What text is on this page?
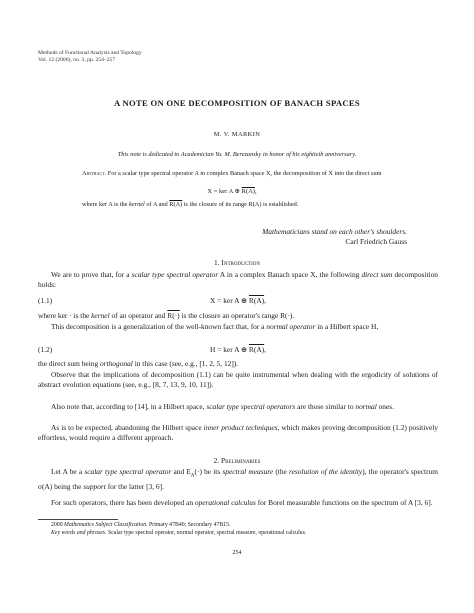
Methods of Functional Analysis and Topology
Vol. 12 (2006), no. 3, pp. 254–257
A NOTE ON ONE DECOMPOSITION OF BANACH SPACES
M. V. MARKIN
This note is dedicated to Academician Yu. M. Berezansky in honor of his eightieth anniversary.
Abstract. For a scalar type spectral operator A in complex Banach space X, the decomposition of X into the direct sum
X = ker A ⊕ R(A),
where ker A is the kernel of A and R(A) is the closure of its range R(A) is established.
Mathematicians stand on each other's shoulders.
Carl Friedrich Gauss
1. Introduction
We are to prove that, for a scalar type spectral operator A in a complex Banach space X, the following direct sum decomposition holds:
(1.1)	X = ker A ⊕ R(A),
where ker · is the kernel of an operator and R(·) is the closure an operator's range R(·).
This decomposition is a generalization of the well-known fact that, for a normal operator in a Hilbert space H,
(1.2)	H = ker A ⊕ R(A),
the direct sum being orthogonal in this case (see, e.g., [1, 2, 5, 12]).
Observe that the implications of decomposition (1.1) can be quite instrumental when dealing with the ergodicity of solutions of abstract evolution equations (see, e.g., [8, 7, 13, 9, 10, 11]).
Also note that, according to [14], in a Hilbert space, scalar type spectral operators are those similar to normal ones.
As is to be expected, abandoning the Hilbert space inner product techniques, which makes proving decomposition (1.2) positively effortless, would require a different approach.
2. Preliminaries
Let A be a scalar type spectral operator and $E_A(\cdot)$ be its spectral measure (the resolution of the identity), the operator's spectrum σ(A) being the support for the latter [3, 6].
For such operators, there has been developed an operational calculus for Borel measurable functions on the spectrum of A [3, 6].
2000 Mathematics Subject Classification. Primary 47B40; Secondary 47B15.
Key words and phrases. Scalar type spectral operator, normal operator, spectral measure, operational calculus.
254
